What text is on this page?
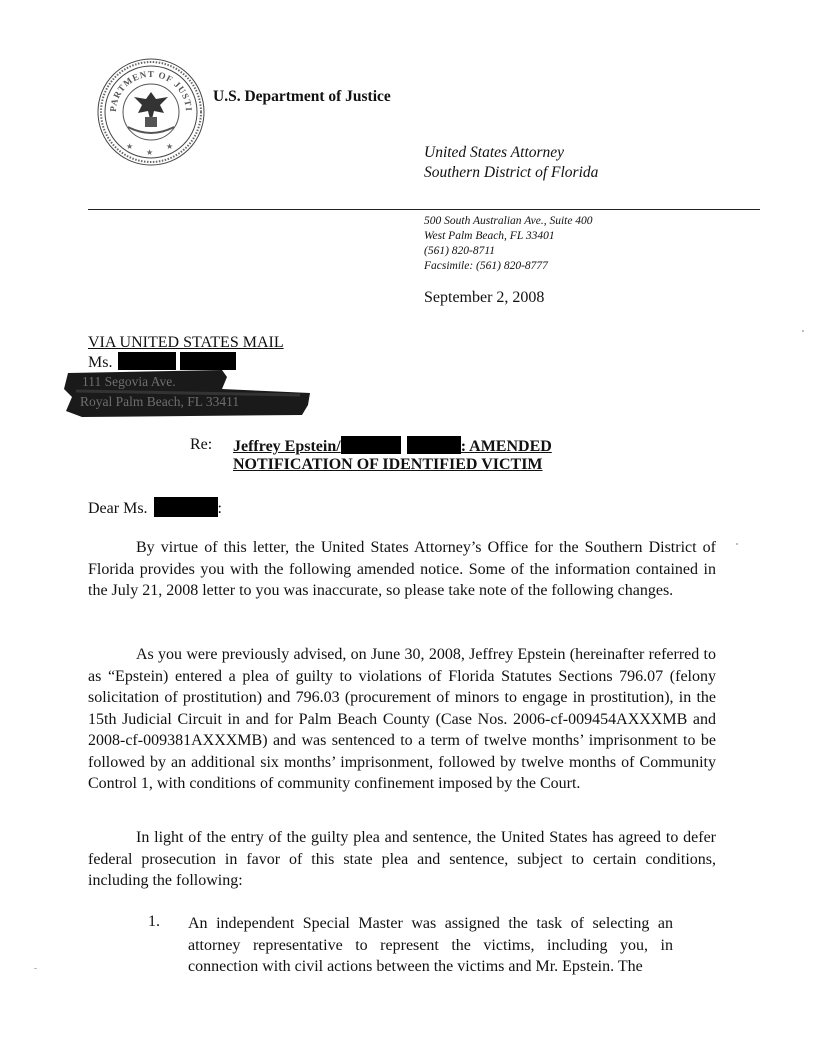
PARTMENT OF JUSTI
★
★
★
U.S. Department of Justice
United States Attorney
Southern District of Florida
500 South Australian Ave., Suite 400
West Palm Beach, FL 33401
(561) 820-8711
Facsimile: (561) 820-8777
September 2, 2008
VIA UNITED STATES MAIL
Ms.
111 Segovia Ave.
Royal Palm Beach, FL 33411
Re: Jeffrey Epstein/	: AMENDED
NOTIFICATION OF IDENTIFIED VICTIM
Dear Ms.	:

By virtue of this letter, the United States Attorney’s Office for the Southern District of Florida provides you with the following amended notice. Some of the information contained in the July 21, 2008 letter to you was inaccurate, so please take note of the following changes.

As you were previously advised, on June 30, 2008, Jeffrey Epstein (hereinafter referred to as “Epstein) entered a plea of guilty to violations of Florida Statutes Sections 796.07 (felony solicitation of prostitution) and 796.03 (procurement of minors to engage in prostitution), in the 15th Judicial Circuit in and for Palm Beach County (Case Nos. 2006-cf-009454AXXXMB and 2008-cf-009381AXXXMB) and was sentenced to a term of twelve months’ imprisonment to be followed by an additional six months’ imprisonment, followed by twelve months of Community Control 1, with conditions of community confinement imposed by the Court.

In light of the entry of the guilty plea and sentence, the United States has agreed to defer federal prosecution in favor of this state plea and sentence, subject to certain conditions, including the following:

1. An independent Special Master was assigned the task of selecting an attorney representative to represent the victims, including you, in connection with civil actions between the victims and Mr. Epstein. The
